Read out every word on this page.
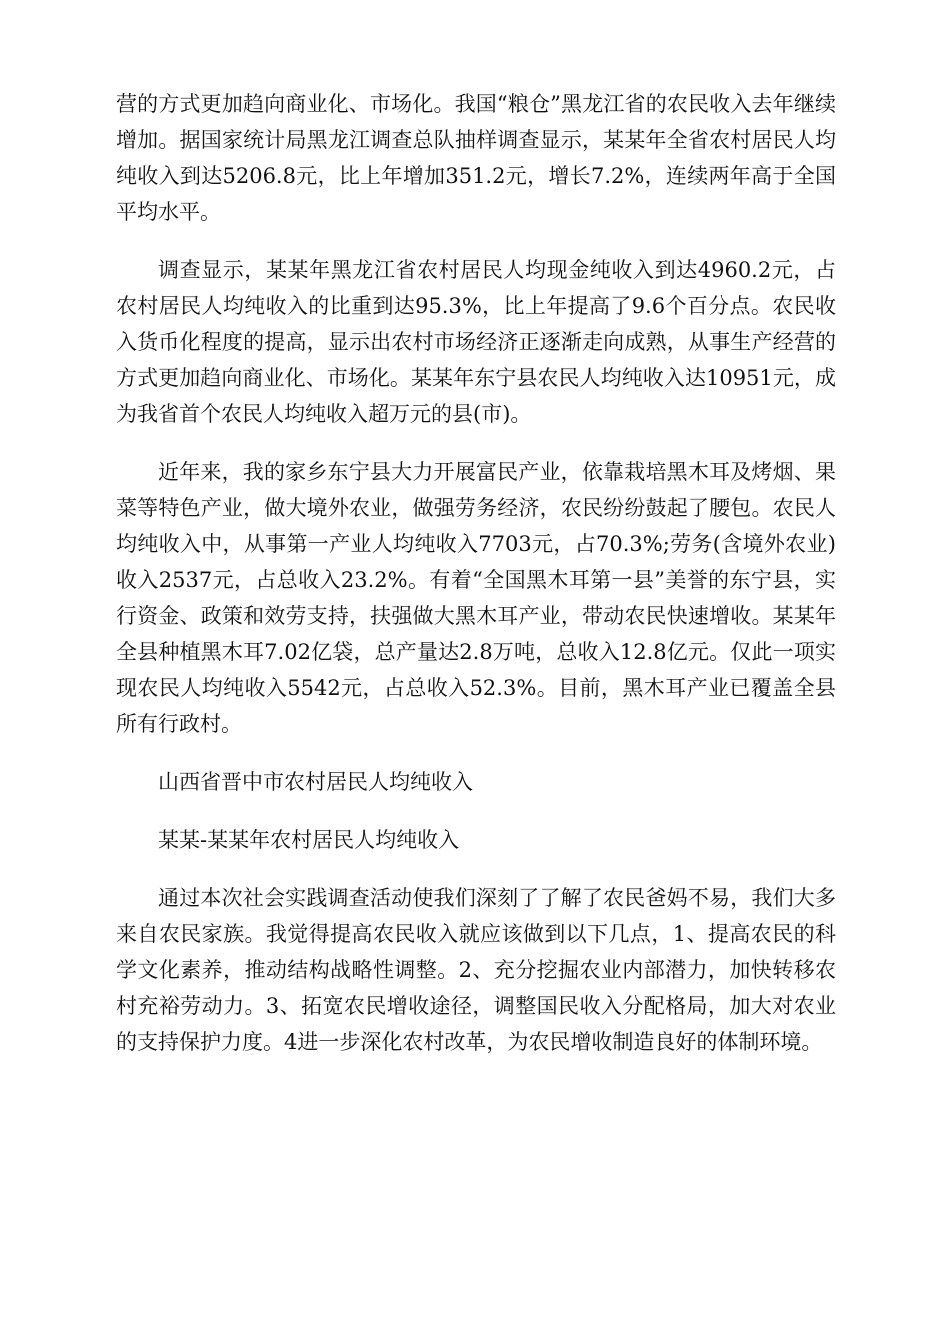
营的方式更加趋向商业化、市场化。我国“粮仓”黑龙江省的农民收入去年继续增加。据国家统计局黑龙江调查总队抽样调查显示，某某年全省农村居民人均纯收入到达5206.8元，比上年增加351.2元，增长7.2%，连续两年高于全国平均水平。

调查显示，某某年黑龙江省农村居民人均现金纯收入到达4960.2元，占农村居民人均纯收入的比重到达95.3%，比上年提高了9.6个百分点。农民收入货币化程度的提高，显示出农村市场经济正逐渐走向成熟，从事生产经营的方式更加趋向商业化、市场化。某某年东宁县农民人均纯收入达10951元，成为我省首个农民人均纯收入超万元的县(市)。

近年来，我的家乡东宁县大力开展富民产业，依靠栽培黑木耳及烤烟、果菜等特色产业，做大境外农业，做强劳务经济，农民纷纷鼓起了腰包。农民人均纯收入中，从事第一产业人均纯收入7703元，占70.3%;劳务(含境外农业)收入2537元，占总收入23.2%。有着“全国黑木耳第一县”美誉的东宁县，实行资金、政策和效劳支持，扶强做大黑木耳产业，带动农民快速增收。某某年全县种植黑木耳7.02亿袋，总产量达2.8万吨，总收入12.8亿元。仅此一项实现农民人均纯收入5542元，占总收入52.3%。目前，黑木耳产业已覆盖全县所有行政村。

山西省晋中市农村居民人均纯收入

某某-某某年农村居民人均纯收入

通过本次社会实践调查活动使我们深刻了了解了农民爸妈不易，我们大多来自农民家族。我觉得提高农民收入就应该做到以下几点，1、提高农民的科学文化素养，推动结构战略性调整。2、充分挖掘农业内部潜力，加快转移农村充裕劳动力。3、拓宽农民增收途径，调整国民收入分配格局，加大对农业的支持保护力度。4进一步深化农村改革，为农民增收制造良好的体制环境。
